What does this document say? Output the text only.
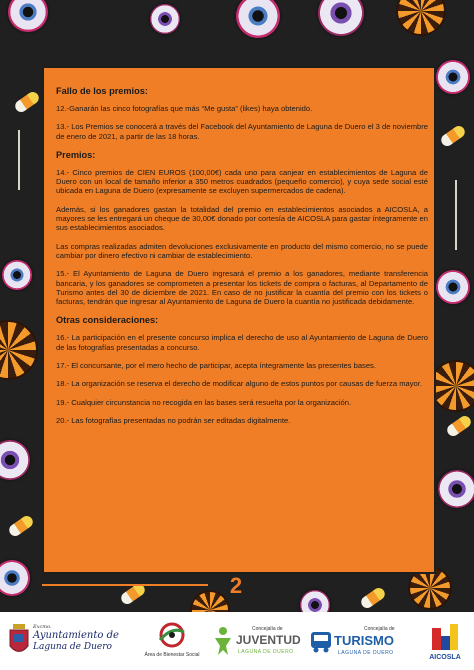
Fallo de los premios:

12.-Ganarán las cinco fotografías que más “Me gusta” (likes) haya obtenido.

13.- Los Premios se conocerá a través del Facebook del Ayuntamiento de Laguna de Duero el 3 de noviembre de enero de 2021, a partir de las 18 horas.

Premios:

14.- Cinco premios de CIEN EUROS (100,00€) cada uno para canjear en establecimientos de Laguna de Duero con un local de tamaño inferior a 350 metros cuadrados (pequeño comercio), y cuya sede social esté ubicada en Laguna de Duero (expresamente se excluyen supermercados de cadena).

Además, si los ganadores gastan la totalidad del premio en establecimientos asociados a AICOSLA, a mayores se les entregará un cheque de 30,00€ donado por cortesía de AICOSLA para gastar íntegramente en sus establecimientos asociados.

Las compras realizadas admiten devoluciones exclusivamente en producto del mismo comercio, no se puede cambiar por dinero efectivo ni cambiar de establecimiento.

15.- El Ayuntamiento de Laguna de Duero ingresará el premio a los ganadores, mediante transferencia bancaria, y los ganadores se comprometen a presentar los tickets de compra o facturas, al Departamento de Turismo antes del 30 de diciembre de 2021. En caso de no justificar la cuantía del premio con los tickets o facturas, tendrán que ingresar al Ayuntamiento de Laguna de Duero la cuantía no justificada debidamente.

Otras consideraciones:

16.- La participación en el presente concurso implica el derecho de uso al Ayuntamiento de Laguna de Duero de las fotografías presentadas a concurso.

17.- El concursante, por el mero hecho de participar, acepta íntegramente las presentes bases.

18.- La organización se reserva el derecho de modificar alguno de estos puntos por causas de fuerza mayor.

19.- Cualquier circunstancia no recogida en las bases será resuelta por la organización.

20.- Las fotografías presentadas no podrán ser editadas digitalmente.

2
Excmo.
Ayuntamiento de
Laguna de Duero
Área de Bienestar Social
Concejalía de
JUVENTUD
LAGUNA DE DUERO
Concejalía de
TURISMO
LAGUNA DE DUERO
AICOSLA
